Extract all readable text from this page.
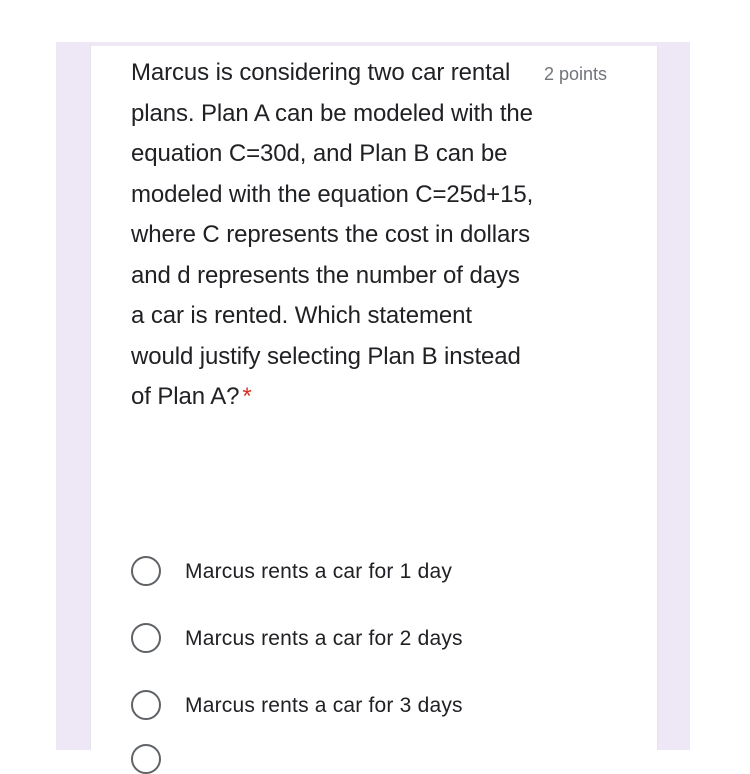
Marcus is considering two car rental plans. Plan A can be modeled with the equation C=30d, and Plan B can be modeled with the equation C=25d+15, where C represents the cost in dollars and d represents the number of days a car is rented. Which statement would justify selecting Plan B instead of Plan A? *

2 points
Marcus rents a car for 1 day
Marcus rents a car for 2 days
Marcus rents a car for 3 days
